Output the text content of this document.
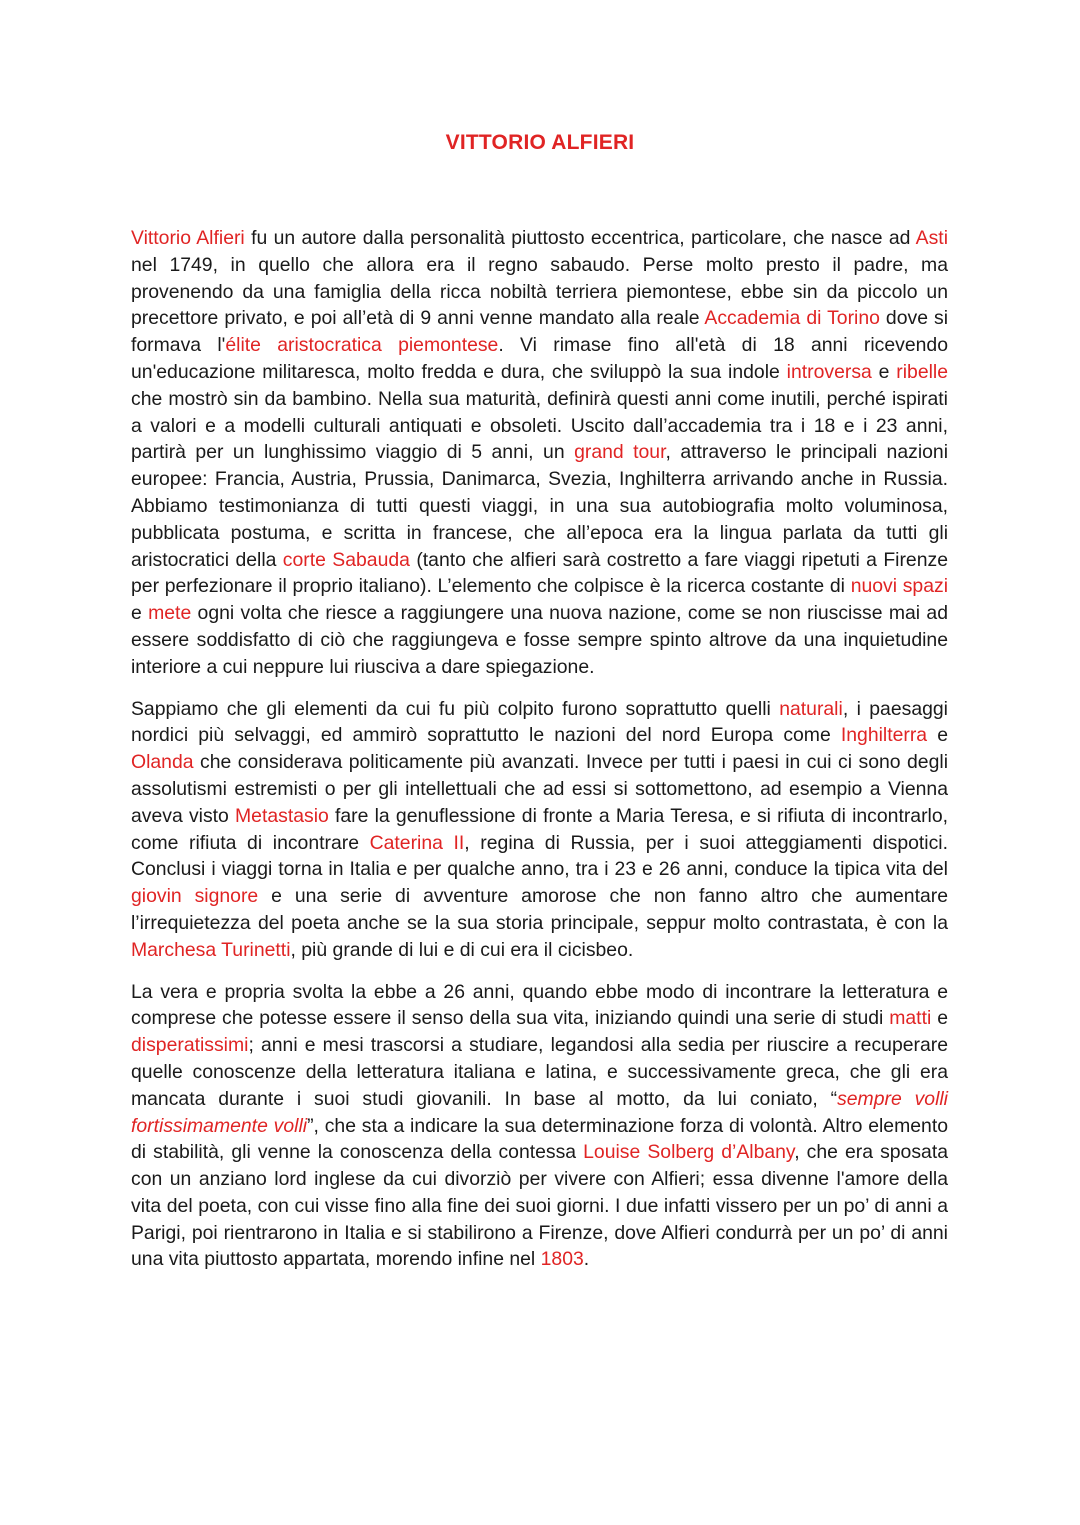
VITTORIO ALFIERI

Vittorio Alfieri fu un autore dalla personalità piuttosto eccentrica, particolare, che nasce ad Asti nel 1749, in quello che allora era il regno sabaudo. Perse molto presto il padre, ma provenendo da una famiglia della ricca nobiltà terriera piemontese, ebbe sin da piccolo un precettore privato, e poi all’età di 9 anni venne mandato alla reale Accademia di Torino dove si formava l'élite aristocratica piemontese. Vi rimase fino all'età di 18 anni ricevendo un'educazione militaresca, molto fredda e dura, che sviluppò la sua indole introversa e ribelle che mostrò sin da bambino. Nella sua maturità, definirà questi anni come inutili, perché ispirati a valori e a modelli culturali antiquati e obsoleti. Uscito dall’accademia tra i 18 e i 23 anni, partirà per un lunghissimo viaggio di 5 anni, un grand tour, attraverso le principali nazioni europee: Francia, Austria, Prussia, Danimarca, Svezia, Inghilterra arrivando anche in Russia. Abbiamo testimonianza di tutti questi viaggi, in una sua autobiografia molto voluminosa, pubblicata postuma, e scritta in francese, che all’epoca era la lingua parlata da tutti gli aristocratici della corte Sabauda (tanto che alfieri sarà costretto a fare viaggi ripetuti a Firenze per perfezionare il proprio italiano). L’elemento che colpisce è la ricerca costante di nuovi spazi e mete ogni volta che riesce a raggiungere una nuova nazione, come se non riuscisse mai ad essere soddisfatto di ciò che raggiungeva e fosse sempre spinto altrove da una inquietudine interiore a cui neppure lui riusciva a dare spiegazione.

Sappiamo che gli elementi da cui fu più colpito furono soprattutto quelli naturali, i paesaggi nordici più selvaggi, ed ammirò soprattutto le nazioni del nord Europa come Inghilterra e Olanda che considerava politicamente più avanzati. Invece per tutti i paesi in cui ci sono degli assolutismi estremisti o per gli intellettuali che ad essi si sottomettono, ad esempio a Vienna aveva visto Metastasio fare la genuflessione di fronte a Maria Teresa, e si rifiuta di incontrarlo, come rifiuta di incontrare Caterina II, regina di Russia, per i suoi atteggiamenti dispotici. Conclusi i viaggi torna in Italia e per qualche anno, tra i 23 e 26 anni, conduce la tipica vita del giovin signore e una serie di avventure amorose che non fanno altro che aumentare l’irrequietezza del poeta anche se la sua storia principale, seppur molto contrastata, è con la Marchesa Turinetti, più grande di lui e di cui era il cicisbeo.

La vera e propria svolta la ebbe a 26 anni, quando ebbe modo di incontrare la letteratura e comprese che potesse essere il senso della sua vita, iniziando quindi una serie di studi matti e disperatissimi; anni e mesi trascorsi a studiare, legandosi alla sedia per riuscire a recuperare quelle conoscenze della letteratura italiana e latina, e successivamente greca, che gli era mancata durante i suoi studi giovanili. In base al motto, da lui coniato, “sempre volli fortissimamente volli”, che sta a indicare la sua determinazione forza di volontà. Altro elemento di stabilità, gli venne la conoscenza della contessa Louise Solberg d’Albany, che era sposata con un anziano lord inglese da cui divorziò per vivere con Alfieri; essa divenne l'amore della vita del poeta, con cui visse fino alla fine dei suoi giorni. I due infatti vissero per un po’ di anni a Parigi, poi rientrarono in Italia e si stabilirono a Firenze, dove Alfieri condurrà per un po’ di anni una vita piuttosto appartata, morendo infine nel 1803.
